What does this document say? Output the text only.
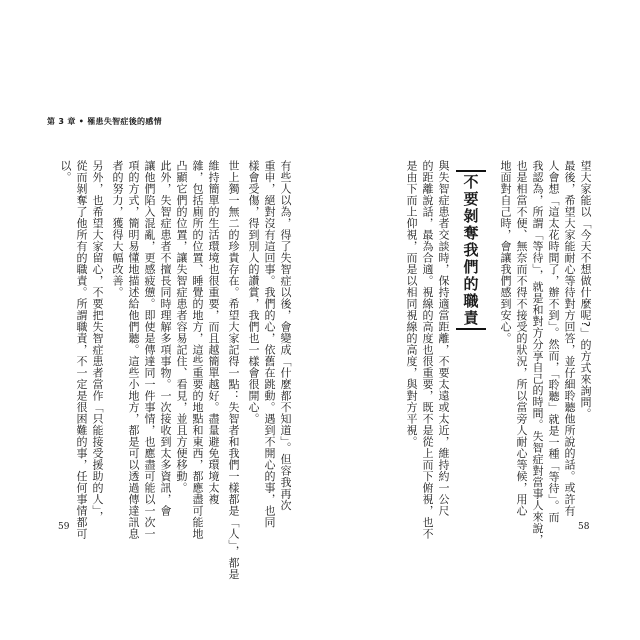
第 3 章 • 罹患失智症後的感情
有些人以為，得了失智症以後，會變成「什麼都不知道」。但容我再次
重申，絕對沒有這回事。我們的心，依舊在跳動。遇到不開心的事，也同
樣會受傷，得到別人的讚賞，我們也一樣會很開心。
世上獨一無二的珍貴存在。希望大家記得一點：失智者和我們一樣都是「人」，都是
維持簡單的生活環境也很重要，而且越簡單越好。盡量避免環境太複
雜，包括廁所的位置、睡覺的地方，這些重要的地點和東西，都應盡可能地
凸顯它們的位置，讓失智症患者容易記住、看見，並且方便移動。
此外，失智症患者不擅長同時理解多項事物。一次接收到太多資訊，會
讓他們陷入混亂，更感疲憊。即使是傳達同一件事情，也應盡可能以一次一
項的方式，簡明易懂地描述給他們聽。這些小地方，都是可以透過傳達訊息
者的努力，獲得大幅改善。
另外，也希望大家留心，不要把失智症患者當作「只能接受援助的人」，
從而剝奪了他所有的職責。所謂職責，不一定是很困難的事，任何事情都可
以。
59
望大家能以「今天不想做什麼呢?」的方式來詢問。
最後，希望大家能耐心等待對方回答，並仔細聆聽他所說的話。或許有
人會想「這太花時間了，辦不到」。然而，「聆聽」就是一種「等待」。而
我認為，所謂「等待」，就是和對方分享自己的時間。失智症對當事人來說，
也是相當不便、無奈而不得不接受的狀況，所以當旁人耐心等候，用心
地面對自己時，會讓我們感到安心。
不要剝奪我們的職責
與失智症患者交談時，保持適當距離，不要太遠或太近，維持約一公尺
的距離說話，最為合適。視線的高度也很重要，既不是從上而下俯視，也不
是由下而上仰視，而是以相同視線的高度，與對方平視。
58
